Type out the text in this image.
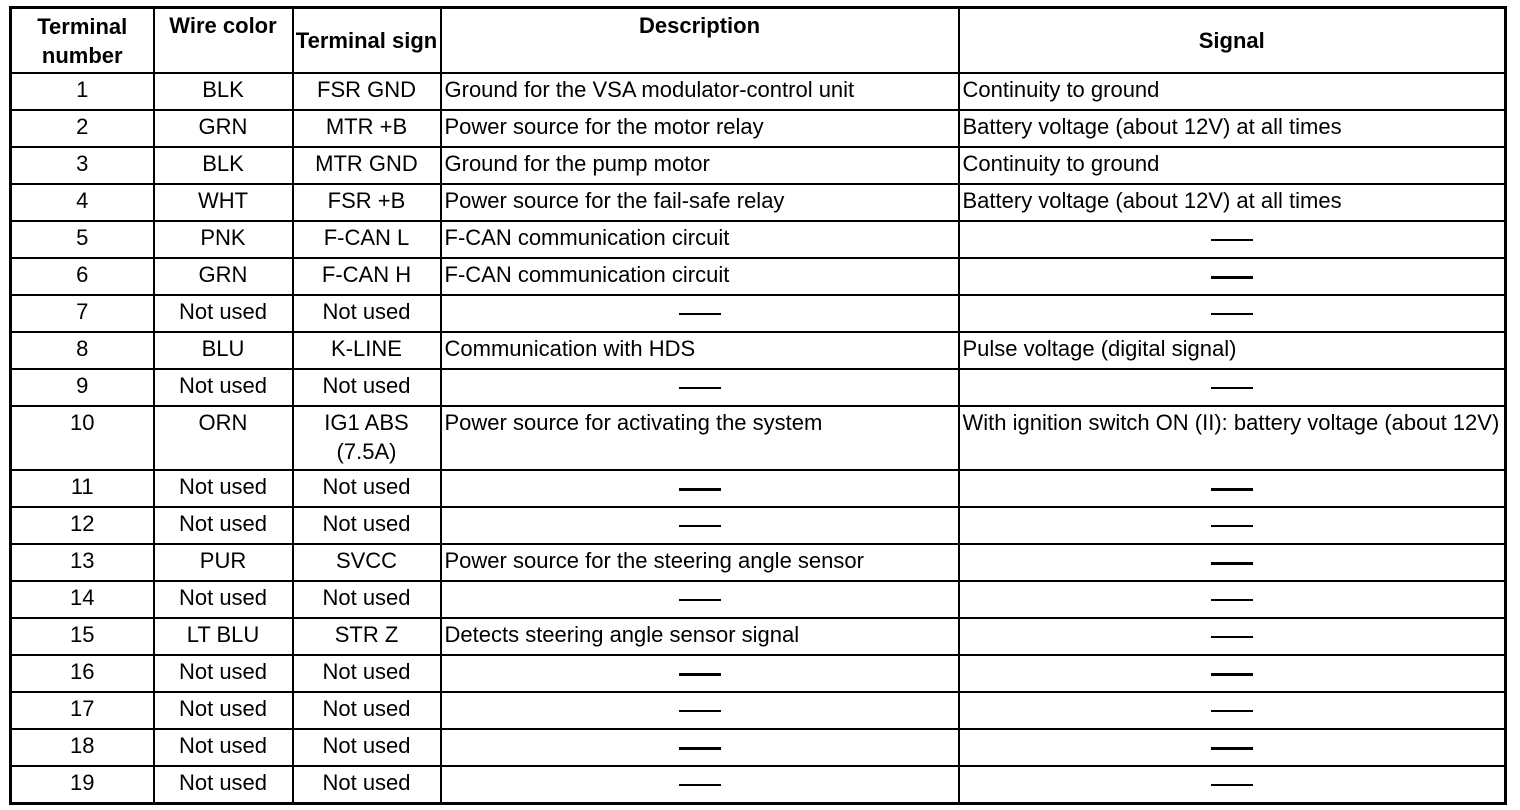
Terminal number	Wire color	Terminal sign	Description	Signal
1	BLK	FSR GND	Ground for the VSA modulator-control unit	Continuity to ground
2	GRN	MTR +B	Power source for the motor relay	Battery voltage (about 12V) at all times
3	BLK	MTR GND	Ground for the pump motor	Continuity to ground
4	WHT	FSR +B	Power source for the fail-safe relay	Battery voltage (about 12V) at all times
5	PNK	F-CAN L	F-CAN communication circuit	
6	GRN	F-CAN H	F-CAN communication circuit	
7	Not used	Not used		
8	BLU	K-LINE	Communication with HDS	Pulse voltage (digital signal)
9	Not used	Not used		
10	ORN	IG1 ABS (7.5A)	Power source for activating the system	With ignition switch ON (II): battery voltage (about 12V)
11	Not used	Not used		
12	Not used	Not used		
13	PUR	SVCC	Power source for the steering angle sensor	
14	Not used	Not used		
15	LT BLU	STR Z	Detects steering angle sensor signal	
16	Not used	Not used		
17	Not used	Not used		
18	Not used	Not used		
19	Not used	Not used		
